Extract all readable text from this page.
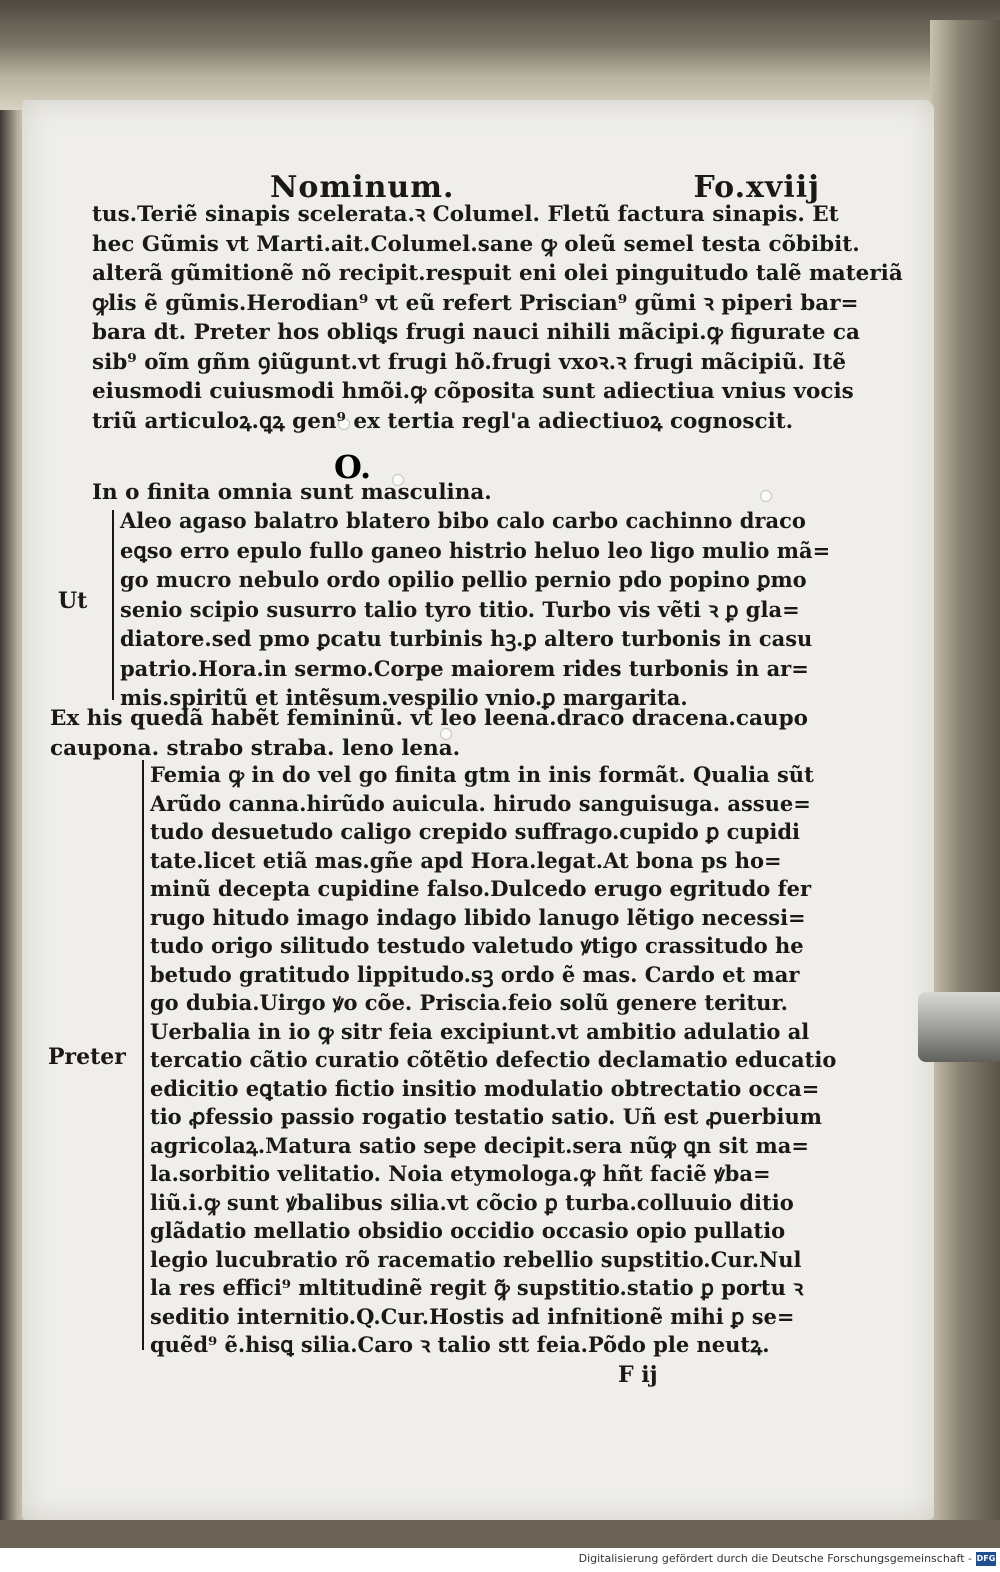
Nominum.	Fo.xviij
tus.Teriẽ sinapis scelerata.ꝛ Columel. Fletũ factura sinapis. Et
hec Gũmis vt Marti.ait.Columel.sane ꝙ oleũ semel testa cõbibit.
alterã gũmitionẽ nõ recipit.respuit eni olei pinguitudo talẽ materiã
ꝙlis ẽ gũmis.Herodian⁹ vt eũ refert Priscian⁹ gũmi ꝛ piperi bar=
bara dt. Preter hos obliꝗs frugi nauci nihili mãcipi.ꝙ figurate ca
sib⁹ oĩm gñm ꝯiũgunt.vt frugi hõ.frugi vxoꝛ.ꝛ frugi mãcipiũ. Itẽ
eiusmodi cuiusmodi hmõi.ꝙ cõposita sunt adiectiua vnius vocis
triũ articuloꝝ.ꝗꝝ gen⁹ ex tertia regl'a adiectiuoꝝ cognoscit.
O.
In o finita omnia sunt masculina.
Ut
Aleo agaso balatro blatero bibo calo carbo cachinno draco
eꝗso erro epulo fullo ganeo histrio heluo leo ligo mulio mã=
go mucro nebulo ordo opilio pellio pernio pdo popino ꝑmo
senio scipio susurro talio tyro titio. Turbo vis vẽti ꝛ ꝑ gla=
diatore.sed pmo ꝑcatu turbinis hꝫ.ꝑ altero turbonis in casu
patrio.Hora.in sermo.Corpe maiorem rides turbonis in ar=
mis.spiritũ et intẽsum.vespilio vnio.ꝑ margarita.
Ex his quedã habẽt femininũ. vt leo leena.draco dracena.caupo
caupona. strabo straba. leno lena.
Preter
Femia ꝙ in do vel go finita gtm in inis formãt. Qualia sũt
Arũdo canna.hirũdo auicula. hirudo sanguisuga. assue=
tudo desuetudo caligo crepido suffrago.cupido ꝑ cupidi
tate.licet etiã mas.gñe apd Hora.legat.At bona ps ho=
minũ decepta cupidine falso.Dulcedo erugo egritudo fer
rugo hitudo imago indago libido lanugo lẽtigo necessi=
tudo origo silitudo testudo valetudo ꝟtigo crassitudo he
betudo gratitudo lippitudo.sꝫ ordo ẽ mas. Cardo et mar
go dubia.Uirgo ꝟo cõe. Priscia.feio solũ genere teritur.
Uerbalia in io ꝙ sitr feia excipiunt.vt ambitio adulatio al
tercatio cãtio curatio cõtẽtio defectio declamatio educatio
edicitio eꝗtatio fictio insitio modulatio obtrectatio occa=
tio ꝓfessio passio rogatio testatio satio. Uñ est ꝓuerbium
agricolaꝝ.Matura satio sepe decipit.sera nũꝙ ꝗn sit ma=
la.sorbitio velitatio. Noia etymologa.ꝙ hñt faciẽ ꝟba=
liũ.i.ꝙ sunt ꝟbalibus silia.vt cõcio ꝑ turba.colluuio ditio
glãdatio mellatio obsidio occidio occasio opio pullatio
legio lucubratio rõ racematio rebellio supstitio.Cur.Nul
la res effici⁹ mltitudinẽ regit ꝙ̃ supstitio.statio ꝑ portu ꝛ
seditio internitio.Q.Cur.Hostis ad infnitionẽ mihi ꝑ se=
quẽd⁹ ẽ.hisꝗ silia.Caro ꝛ talio stt feia.Põdo ple neutꝝ.
F ij
Digitalisierung gefördert durch die Deutsche Forschungsgemeinschaft - DFG
